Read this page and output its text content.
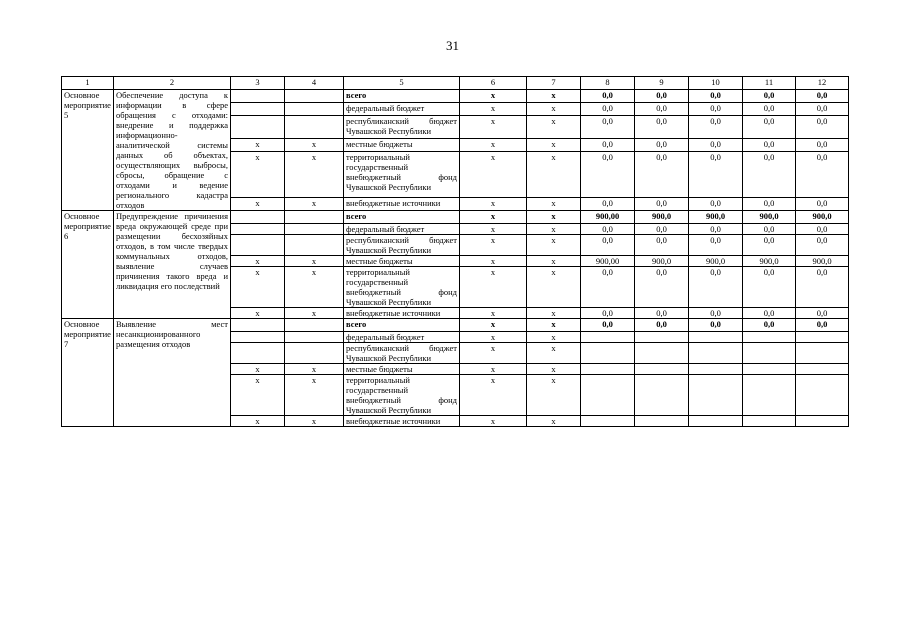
31
1	2	3	4	5	6	7	8	9	10	11	12
Основное мероприятие 5	Обеспечение доступа к информации в сфере обращения с отходами: внедрение и поддержка информационно-аналитической системы данных об объектах, осуществляющих выбросы, сбросы, обращение с отходами и ведение регионального кадастра отходов			всего	x	x	0,0	0,0	0,0	0,0	0,0
				федеральный бюджет	x	x	0,0	0,0	0,0	0,0	0,0
				республиканский бюджет Чувашской Республики	x	x	0,0	0,0	0,0	0,0	0,0
		x	x	местные бюджеты	x	x	0,0	0,0	0,0	0,0	0,0
		x	x	территориальный государственный внебюджетный фонд Чувашской Республики	x	x	0,0	0,0	0,0	0,0	0,0
		x	x	внебюджетные источники	x	x	0,0	0,0	0,0	0,0	0,0
Основное мероприятие 6	Предупреждение причинения вреда окружающей среде при размещении бесхозяйных отходов, в том числе твердых коммунальных отходов, выявление случаев причинения такого вреда и ликвидация его последствий			всего	x	x	900,00	900,0	900,0	900,0	900,0
				федеральный бюджет	x	x	0,0	0,0	0,0	0,0	0,0
				республиканский бюджет Чувашской Республики	x	x	0,0	0,0	0,0	0,0	0,0
		x	x	местные бюджеты	x	x	900,00	900,0	900,0	900,0	900,0
		x	x	территориальный государственный внебюджетный фонд Чувашской Республики	x	x	0,0	0,0	0,0	0,0	0,0
		x	x	внебюджетные источники	x	x	0,0	0,0	0,0	0,0	0,0
Основное мероприятие 7	Выявление мест несанкционированного размещения отходов			всего	x	x	0,0	0,0	0,0	0,0	0,0
				федеральный бюджет	x	x					
				республиканский бюджет Чувашской Республики	x	x					
		x	x	местные бюджеты	x	x					
		x	x	территориальный государственный внебюджетный фонд Чувашской Республики	x	x					
		x	x	внебюджетные источники	x	x					
